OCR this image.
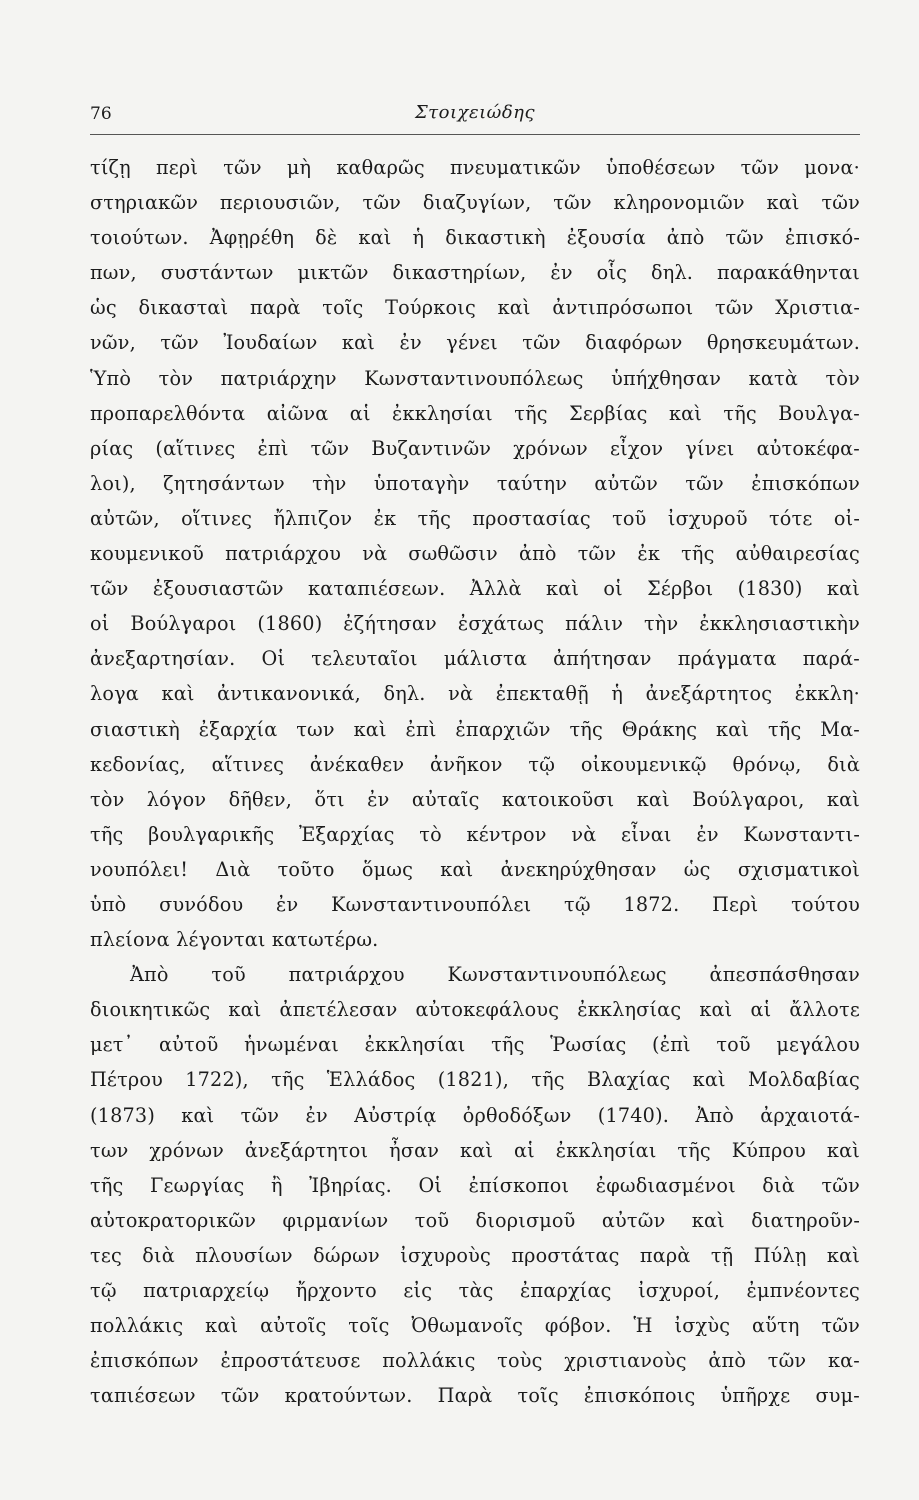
76	Στοιχειώδης
τίζῃ περὶ τῶν μὴ καθαρῶς πνευματικῶν ὑποθέσεων τῶν μονα·
στηριακῶν περιουσιῶν, τῶν διαζυγίων, τῶν κληρονομιῶν καὶ τῶν
τοιούτων. Ἀφῃρέθη δὲ καὶ ἡ δικαστικὴ ἐξουσία ἀπὸ τῶν ἐπισκό-
πων, συστάντων μικτῶν δικαστηρίων, ἐν οἷς δηλ. παρακάθηνται
ὡς δικασταὶ παρὰ τοῖς Τούρκοις καὶ ἀντιπρόσωποι τῶν Χριστια-
νῶν, τῶν Ἰουδαίων καὶ ἐν γένει τῶν διαφόρων θρησκευμάτων.
Ὑπὸ τὸν πατριάρχην Κωνσταντινουπόλεως ὑπήχθησαν κατὰ τὸν
προπαρελθόντα αἰῶνα αἱ ἐκκλησίαι τῆς Σερβίας καὶ τῆς Βουλγα-
ρίας (αἵτινες ἐπὶ τῶν Βυζαντινῶν χρόνων εἶχον γίνει αὐτοκέφα-
λοι), ζητησάντων τὴν ὑποταγὴν ταύτην αὐτῶν τῶν ἐπισκόπων
αὐτῶν, οἵτινες ἤλπιζον ἐκ τῆς προστασίας τοῦ ἰσχυροῦ τότε οἰ-
κουμενικοῦ πατριάρχου νὰ σωθῶσιν ἀπὸ τῶν ἐκ τῆς αὐθαιρεσίας
τῶν ἐξουσιαστῶν καταπιέσεων. Ἀλλὰ καὶ οἱ Σέρβοι (1830) καὶ
οἱ Βούλγαροι (1860) ἐζήτησαν ἐσχάτως πάλιν τὴν ἐκκλησιαστικὴν
ἀνεξαρτησίαν. Οἱ τελευταῖοι μάλιστα ἀπήτησαν πράγματα παρά-
λογα καὶ ἀντικανονικά, δηλ. νὰ ἐπεκταθῇ ἡ ἀνεξάρτητος ἐκκλη·
σιαστικὴ ἐξαρχία των καὶ ἐπὶ ἐπαρχιῶν τῆς Θράκης καὶ τῆς Μα-
κεδονίας, αἵτινες ἀνέκαθεν ἀνῆκον τῷ οἰκουμενικῷ θρόνῳ, διὰ
τὸν λόγον δῆθεν, ὅτι ἐν αὐταῖς κατοικοῦσι καὶ Βούλγαροι, καὶ
τῆς βουλγαρικῆς Ἐξαρχίας τὸ κέντρον νὰ εἶναι ἐν Κωνσταντι-
νουπόλει! Διὰ τοῦτο ὅμως καὶ ἀνεκηρύχθησαν ὡς σχισματικοὶ
ὑπὸ συνόδου ἐν Κωνσταντινουπόλει τῷ 1872. Περὶ τούτου
πλείονα λέγονται κατωτέρω.
Ἀπὸ τοῦ πατριάρχου Κωνσταντινουπόλεως ἀπεσπάσθησαν
διοικητικῶς καὶ ἀπετέλεσαν αὐτοκεφάλους ἐκκλησίας καὶ αἱ ἄλλοτε
μετ᾿ αὐτοῦ ἡνωμέναι ἐκκλησίαι τῆς Ῥωσίας (ἐπὶ τοῦ μεγάλου
Πέτρου 1722), τῆς Ἑλλάδος (1821), τῆς Βλαχίας καὶ Μολδαβίας
(1873) καὶ τῶν ἐν Αὐστρίᾳ ὀρθοδόξων (1740). Ἀπὸ ἀρχαιοτά-
των χρόνων ἀνεξάρτητοι ἦσαν καὶ αἱ ἐκκλησίαι τῆς Κύπρου καὶ
τῆς Γεωργίας ἢ Ἰβηρίας. Οἱ ἐπίσκοποι ἐφωδιασμένοι διὰ τῶν
αὐτοκρατορικῶν φιρμανίων τοῦ διορισμοῦ αὐτῶν καὶ διατηροῦν-
τες διὰ πλουσίων δώρων ἰσχυροὺς προστάτας παρὰ τῇ Πύλῃ καὶ
τῷ πατριαρχείῳ ἤρχοντο εἰς τὰς ἐπαρχίας ἰσχυροί, ἐμπνέοντες
πολλάκις καὶ αὐτοῖς τοῖς Ὀθωμανοῖς φόβον. Ἡ ἰσχὺς αὕτη τῶν
ἐπισκόπων ἐπροστάτευσε πολλάκις τοὺς χριστιανοὺς ἀπὸ τῶν κα-
ταπιέσεων τῶν κρατούντων. Παρὰ τοῖς ἐπισκόποις ὑπῆρχε συμ-
